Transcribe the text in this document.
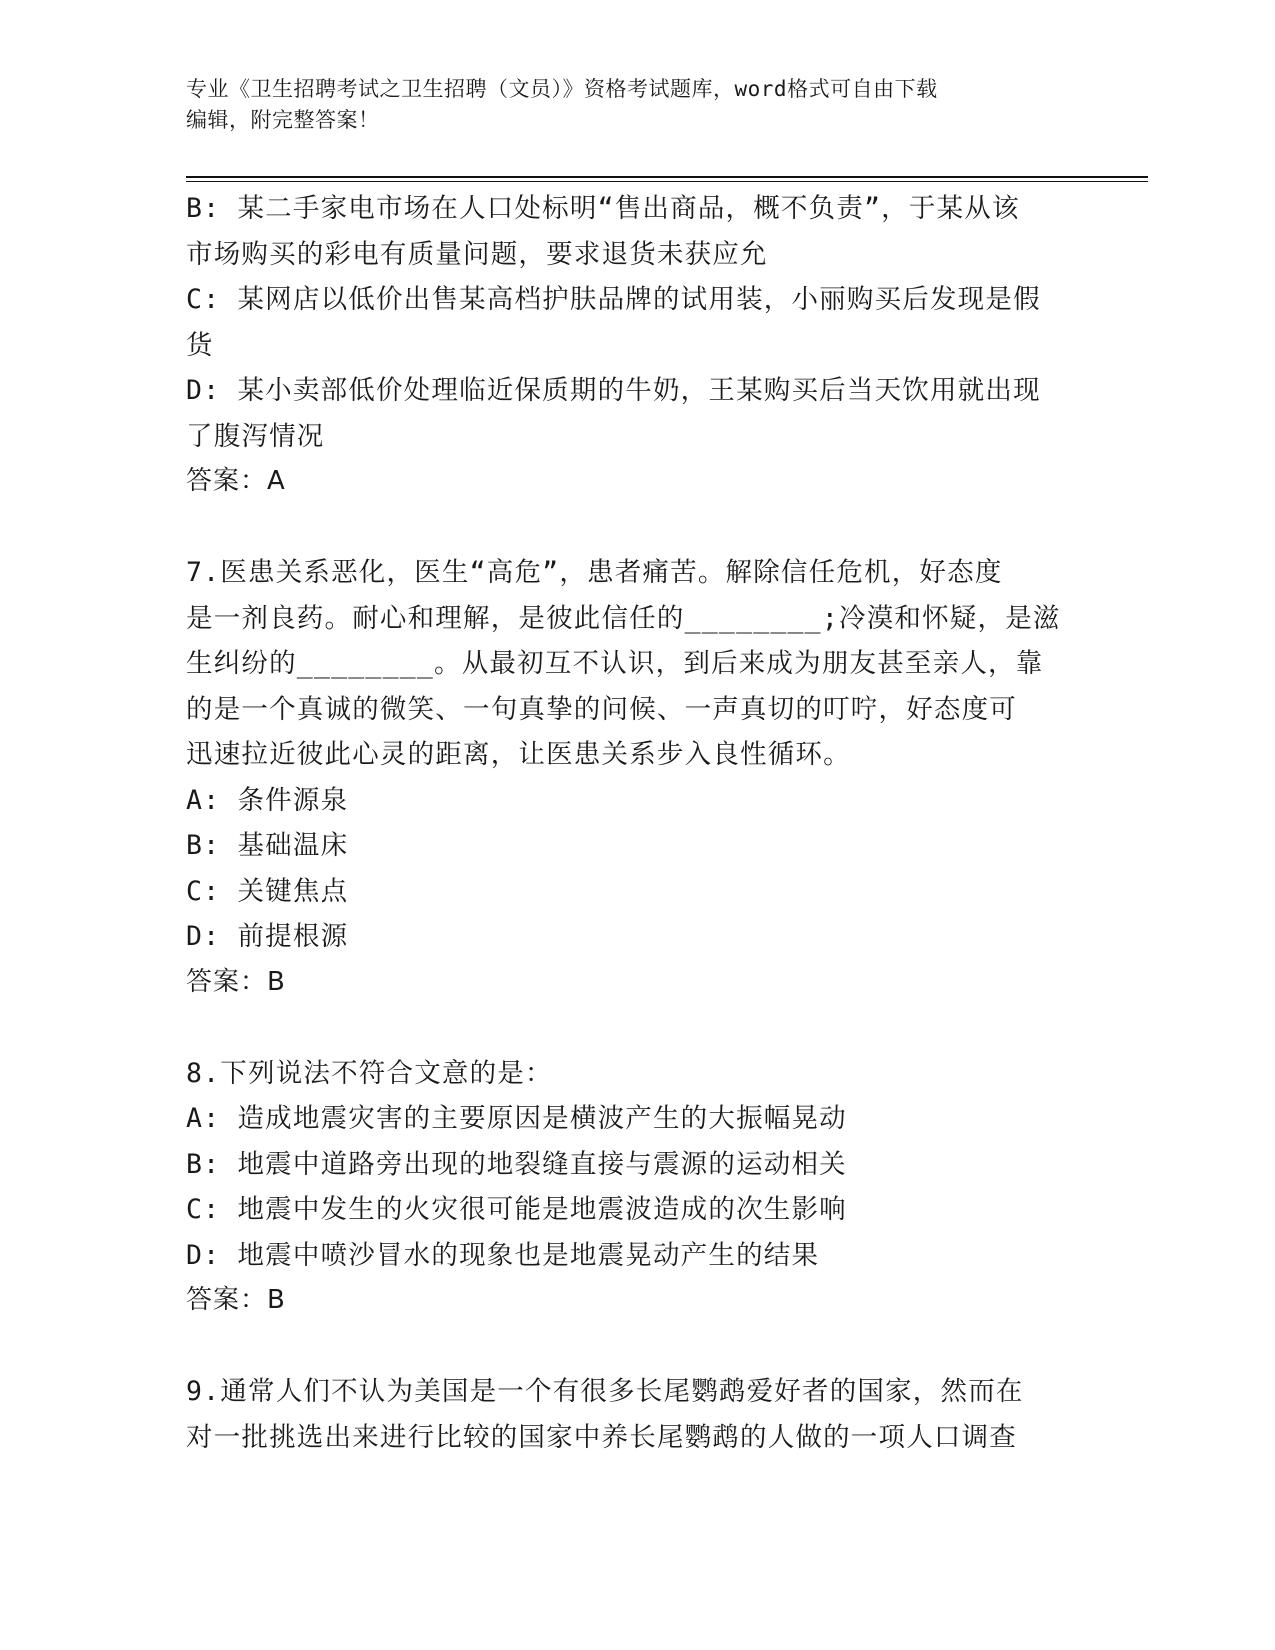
专业《卫生招聘考试之卫生招聘（文员）》资格考试题库，word格式可自由下载
编辑，附完整答案！
B: 某二手家电市场在人口处标明“售出商品，概不负责”，于某从该
市场购买的彩电有质量问题，要求退货未获应允
C: 某网店以低价出售某高档护肤品牌的试用装，小丽购买后发现是假
货
D: 某小卖部低价处理临近保质期的牛奶，王某购买后当天饮用就出现
了腹泻情况
答案：A
7.医患关系恶化，医生“高危”，患者痛苦。解除信任危机，好态度
是一剂良药。耐心和理解，是彼此信任的________;冷漠和怀疑，是滋
生纠纷的________。从最初互不认识，到后来成为朋友甚至亲人，靠
的是一个真诚的微笑、一句真挚的问候、一声真切的叮咛，好态度可
迅速拉近彼此心灵的距离，让医患关系步入良性循环。
A: 条件源泉
B: 基础温床
C: 关键焦点
D: 前提根源
答案：B
8.下列说法不符合文意的是：
A: 造成地震灾害的主要原因是横波产生的大振幅晃动
B: 地震中道路旁出现的地裂缝直接与震源的运动相关
C: 地震中发生的火灾很可能是地震波造成的次生影响
D: 地震中喷沙冒水的现象也是地震晃动产生的结果
答案：B
9.通常人们不认为美国是一个有很多长尾鹦鹉爱好者的国家，然而在
对一批挑选出来进行比较的国家中养长尾鹦鹉的人做的一项人口调查
